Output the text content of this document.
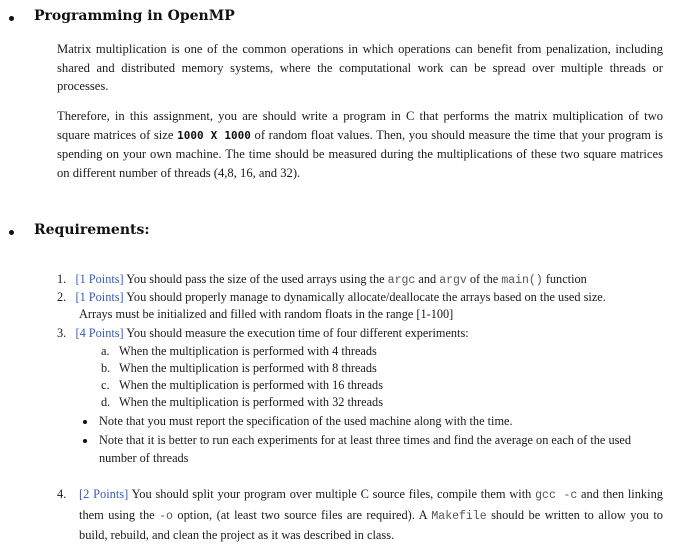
Programming in OpenMP
Matrix multiplication is one of the common operations in which operations can benefit from penalization, including shared and distributed memory systems, where the computational work can be spread over multiple threads or processes.
Therefore, in this assignment, you are should write a program in C that performs the matrix multiplication of two square matrices of size 1000 X 1000 of random float values. Then, you should measure the time that your program is spending on your own machine. The time should be measured during the multiplications of these two square matrices on different number of threads (4,8, 16, and 32).
Requirements:
1. [1 Points] You should pass the size of the used arrays using the argc and argv of the main() function
2. [1 Points] You should properly manage to dynamically allocate/deallocate the arrays based on the used size.
Arrays must be initialized and filled with random floats in the range [1-100]
3. [4 Points] You should measure the execution time of four different experiments:
a. When the multiplication is performed with 4 threads
b. When the multiplication is performed with 8 threads
c. When the multiplication is performed with 16 threads
d. When the multiplication is performed with 32 threads
Note that you must report the specification of the used machine along with the time.
Note that it is better to run each experiments for at least three times and find the average on each of the used number of threads
4. [2 Points] You should split your program over multiple C source files, compile them with gcc -c and then linking them using the -o option, (at least two source files are required). A Makefile should be written to allow you to build, rebuild, and clean the project as it was described in class.
